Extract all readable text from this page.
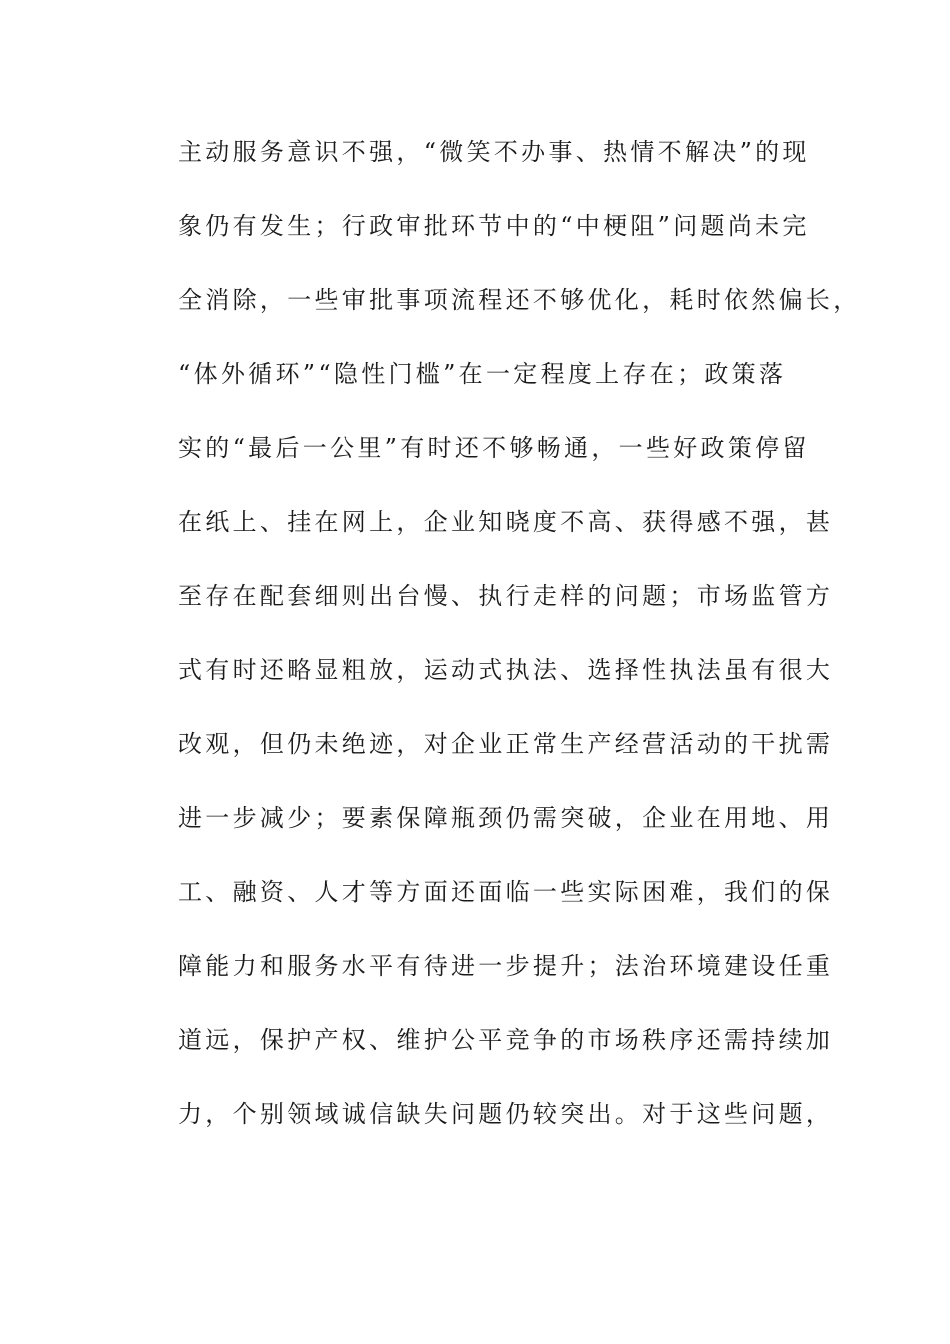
主动服务意识不强，“微笑不办事、热情不解决”的现
象仍有发生；行政审批环节中的“中梗阻”问题尚未完
全消除，一些审批事项流程还不够优化，耗时依然偏长，
“体外循环”“隐性门槛”在一定程度上存在；政策落
实的“最后一公里”有时还不够畅通，一些好政策停留
在纸上、挂在网上，企业知晓度不高、获得感不强，甚
至存在配套细则出台慢、执行走样的问题；市场监管方
式有时还略显粗放，运动式执法、选择性执法虽有很大
改观，但仍未绝迹，对企业正常生产经营活动的干扰需
进一步减少；要素保障瓶颈仍需突破，企业在用地、用
工、融资、人才等方面还面临一些实际困难，我们的保
障能力和服务水平有待进一步提升；法治环境建设任重
道远，保护产权、维护公平竞争的市场秩序还需持续加
力，个别领域诚信缺失问题仍较突出。对于这些问题，
